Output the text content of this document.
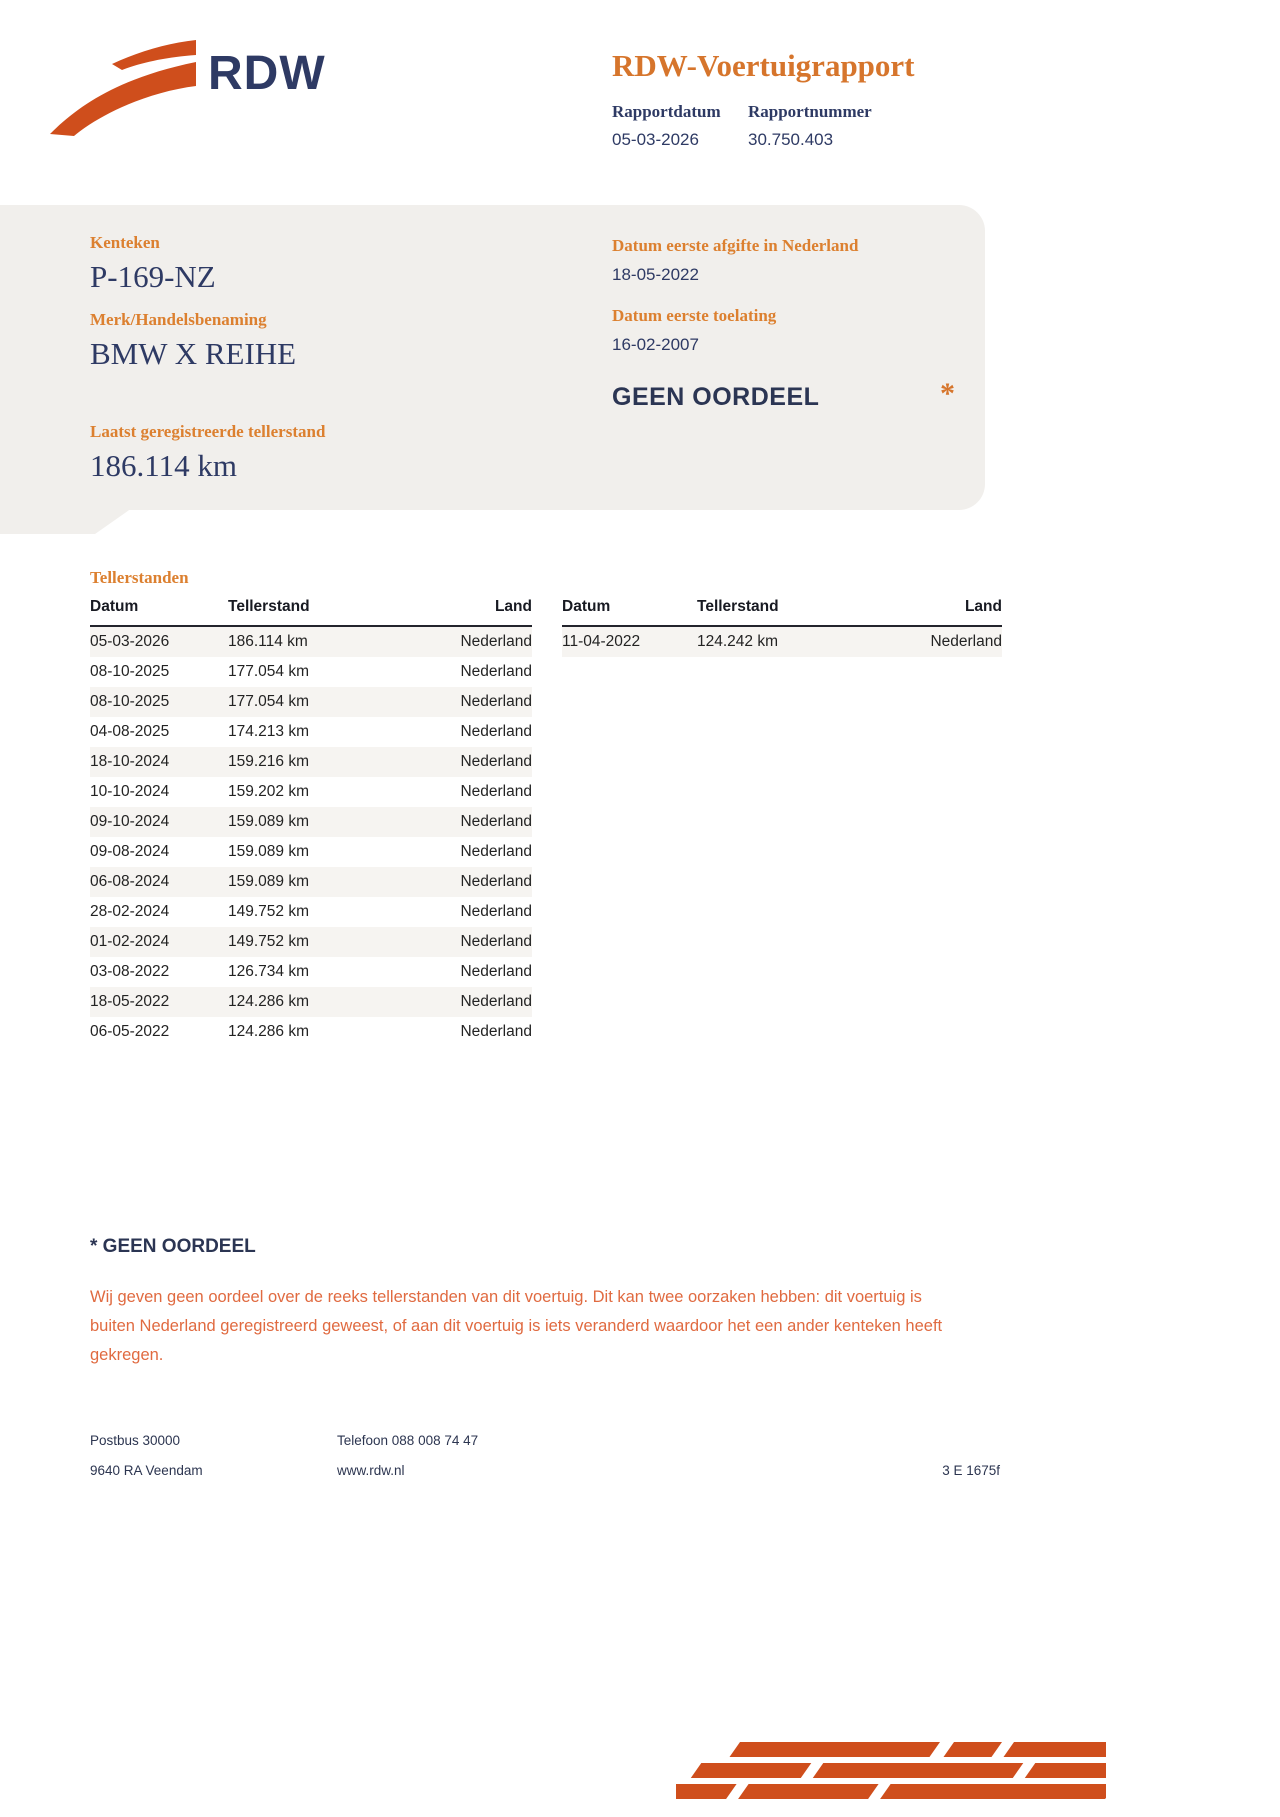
RDW	RDW-Voertuigrapport
Rapportdatum
05-03-2026
Rapportnummer
30.750.403
Kenteken
P-169-NZ
Merk/Handelsbenaming
BMW X REIHE
Laatst geregistreerde tellerstand
186.114 km
Datum eerste afgifte in Nederland
18-05-2022
Datum eerste toelating
16-02-2007
GEEN OORDEEL	*
Tellerstanden
Datum	Tellerstand	Land
05-03-2026	186.114 km	Nederland
08-10-2025	177.054 km	Nederland
08-10-2025	177.054 km	Nederland
04-08-2025	174.213 km	Nederland
18-10-2024	159.216 km	Nederland
10-10-2024	159.202 km	Nederland
09-10-2024	159.089 km	Nederland
09-08-2024	159.089 km	Nederland
06-08-2024	159.089 km	Nederland
28-02-2024	149.752 km	Nederland
01-02-2024	149.752 km	Nederland
03-08-2022	126.734 km	Nederland
18-05-2022	124.286 km	Nederland
06-05-2022	124.286 km	Nederland
Datum	Tellerstand	Land
11-04-2022	124.242 km	Nederland
* GEEN OORDEEL

Wij geven geen oordeel over de reeks tellerstanden van dit voertuig. Dit kan twee oorzaken hebben: dit voertuig is buiten Nederland geregistreerd geweest, of aan dit voertuig is iets veranderd waardoor het een ander kenteken heeft gekregen.

Postbus 30000	Telefoon 088 008 74 47
9640 RA Veendam	www.rdw.nl	3 E 1675f
